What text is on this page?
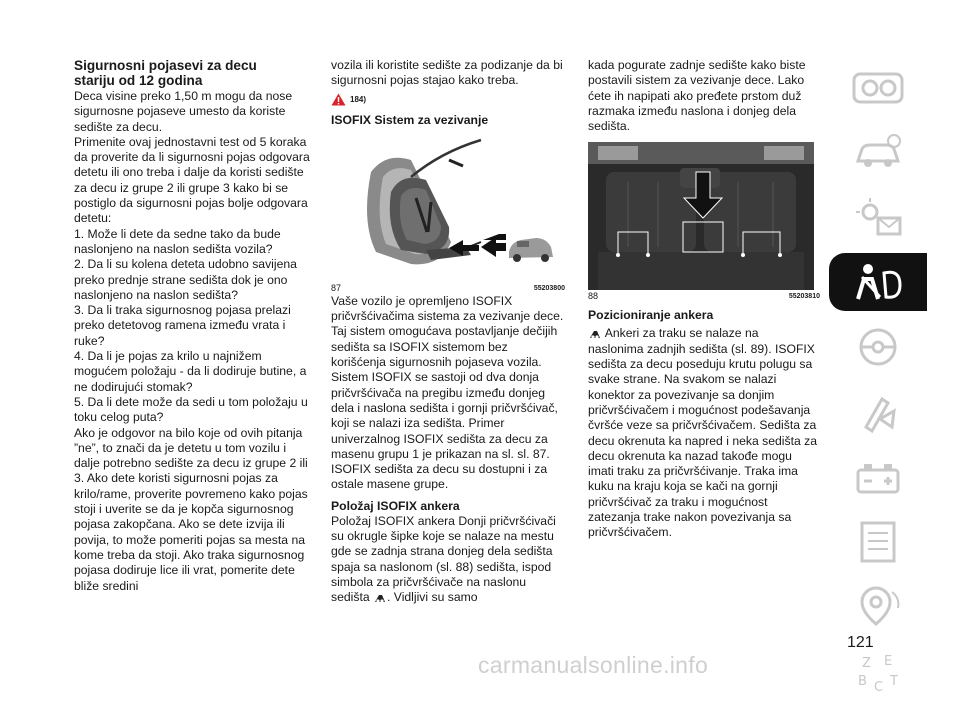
Sigurnosni pojasevi za decu
stariju od 12 godina

Deca visine preko 1,50 m mogu da nose sigurnosne pojaseve umesto da koriste sedište za decu.

Primenite ovaj jednostavni test od 5 koraka da proverite da li sigurnosni pojas odgovara detetu ili ono treba i dalje da koristi sedište za decu iz grupe 2 ili grupe 3 kako bi se postiglo da sigurnosni pojas bolje odgovara detetu:

1. Može li dete da sedne tako da bude naslonjeno na naslon sedišta vozila?

2. Da li su kolena deteta udobno savijena preko prednje strane sedišta dok je ono naslonjeno na naslon sedišta?

3. Da li traka sigurnosnog pojasa prelazi preko detetovog ramena između vrata i ruke?

4. Da li je pojas za krilo u najnižem mogućem položaju - da li dodiruje butine, a ne dodirujući stomak?

5. Da li dete može da sedi u tom položaju u toku celog puta?

Ako je odgovor na bilo koje od ovih pitanja ”ne”, to znači da je detetu u tom vozilu i dalje potrebno sedište za decu iz grupe 2 ili 3. Ako dete koristi sigurnosni pojas za krilo/rame, proverite povremeno kako pojas stoji i uverite se da je kopča sigurnosnog pojasa zakopčana. Ako se dete izvija ili povija, to može pomeriti pojas sa mesta na kome treba da stoji. Ako traka sigurnosnog pojasa dodiruje lice ili vrat, pomerite dete bliže sredini

vozila ili koristite sedište za podizanje da bi sigurnosni pojas stajao kako treba.

184)
ISOFIX Sistem za vezivanje
87	55203800

Vaše vozilo je opremljeno ISOFIX pričvršćivačima sistema za vezivanje dece. Taj sistem omogućava postavljanje dečijih sedišta sa ISOFIX sistemom bez korišćenja sigurnosnih pojaseva vozila. Sistem ISOFIX se sastoji od dva donja pričvršćivača na pregibu između donjeg dela i naslona sedišta i gornji pričvršćivač, koji se nalazi iza sedišta. Primer univerzalnog ISOFIX sedišta za decu za masenu grupu 1 je prikazan na sl. sl. 87. ISOFIX sedišta za decu su dostupni i za ostale masene grupe.

Položaj ISOFIX ankera

Položaj ISOFIX ankera Donji pričvršćivači su okrugle šipke koje se nalaze na mestu gde se zadnja strana donjeg dela sedišta spaja sa naslonom (sl. 88) sedišta, ispod simbola za pričvršćivače na naslonu sedišta . Vidljivi su samo

kada pogurate zadnje sedište kako biste postavili sistem za vezivanje dece. Lako ćete ih napipati ako pređete prstom duž razmaka između naslona i donjeg dela sedišta.

88	55203810
Pozicioniranje ankera

Ankeri za traku se nalaze na

naslonima zadnjih sedišta (sl. 89). ISOFIX sedišta za decu poseduju krutu polugu sa svake strane. Na svakom se nalazi konektor za povezivanje sa donjim pričvršćivačem i mogućnost podešavanja čvršće veze sa pričvršćivačem. Sedišta za decu okrenuta ka napred i neka sedišta za decu okrenuta ka nazad takođe mogu imati traku za pričvršćivanje. Traka ima kuku na kraju koja se kači na gornji pričvršćivač za traku i mogućnost zatezanja trake nakon povezivanja sa pričvršćivačem.

Z E
B C T
121
carmanualsonline.info
